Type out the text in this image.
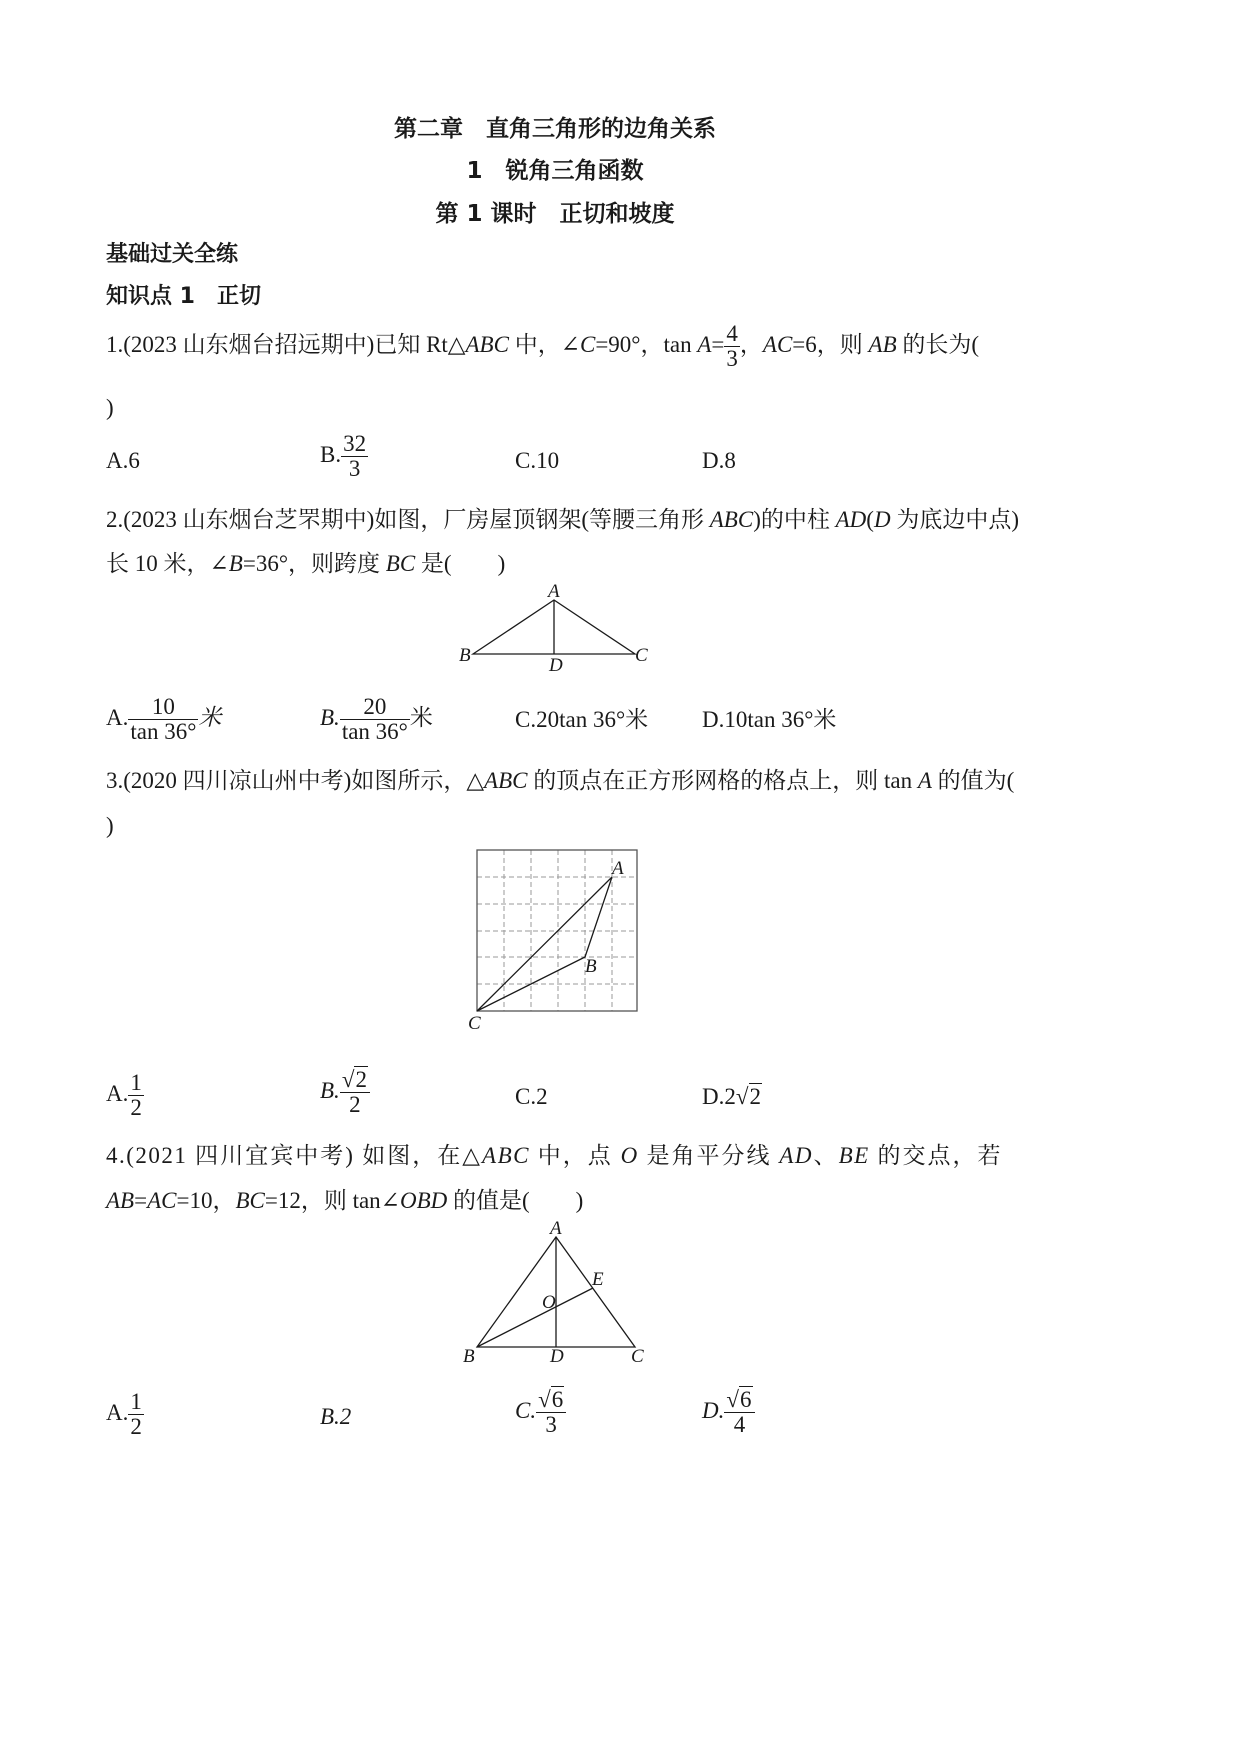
第二章　直角三角形的边角关系
1　锐角三角函数
第 1 课时　正切和坡度
基础过关全练
知识点 1　正切
1.(2023 山东烟台招远期中)已知 Rt△ABC 中，∠C=90°，$\tan A= \frac{4}{3}$ ，AC=6，则 AB 的长为(
)
A.6	B. $\frac{32}{3}$	C.10	D.8
2.(2023 山东烟台芝罘期中)如图，厂房屋顶钢架(等腰三角形 ABC)的中柱 AD(D 为底边中点)
长 10 米，∠B=36°，则跨度 BC 是(　　)
A
B	C
D
A. $\frac{10}{\tan 36^\circ}$ 米	B. $\frac{20}{\tan 36^\circ}$ 米	C.20tan 36°米 D.10tan 36°米
3.(2020 四川凉山州中考)如图所示，△ABC 的顶点在正方形网格的格点上，则 tan A 的值为(
)
A
B
C
A. $\frac{1}{2}$	B. $\frac{√2}{2}$	C.2	D.2√2
4.(2021 四川宜宾中考) 如图，在△ABC 中，点 O 是角平分线 AD、BE 的交点，若
AB=AC=10，BC=12，则 tan∠OBD 的值是(　　)
A
B	C
D
E
O
A. $\frac{1}{2}$	B.2	C. $\frac{√6}{3}$	D. $\frac{√6}{4}$
